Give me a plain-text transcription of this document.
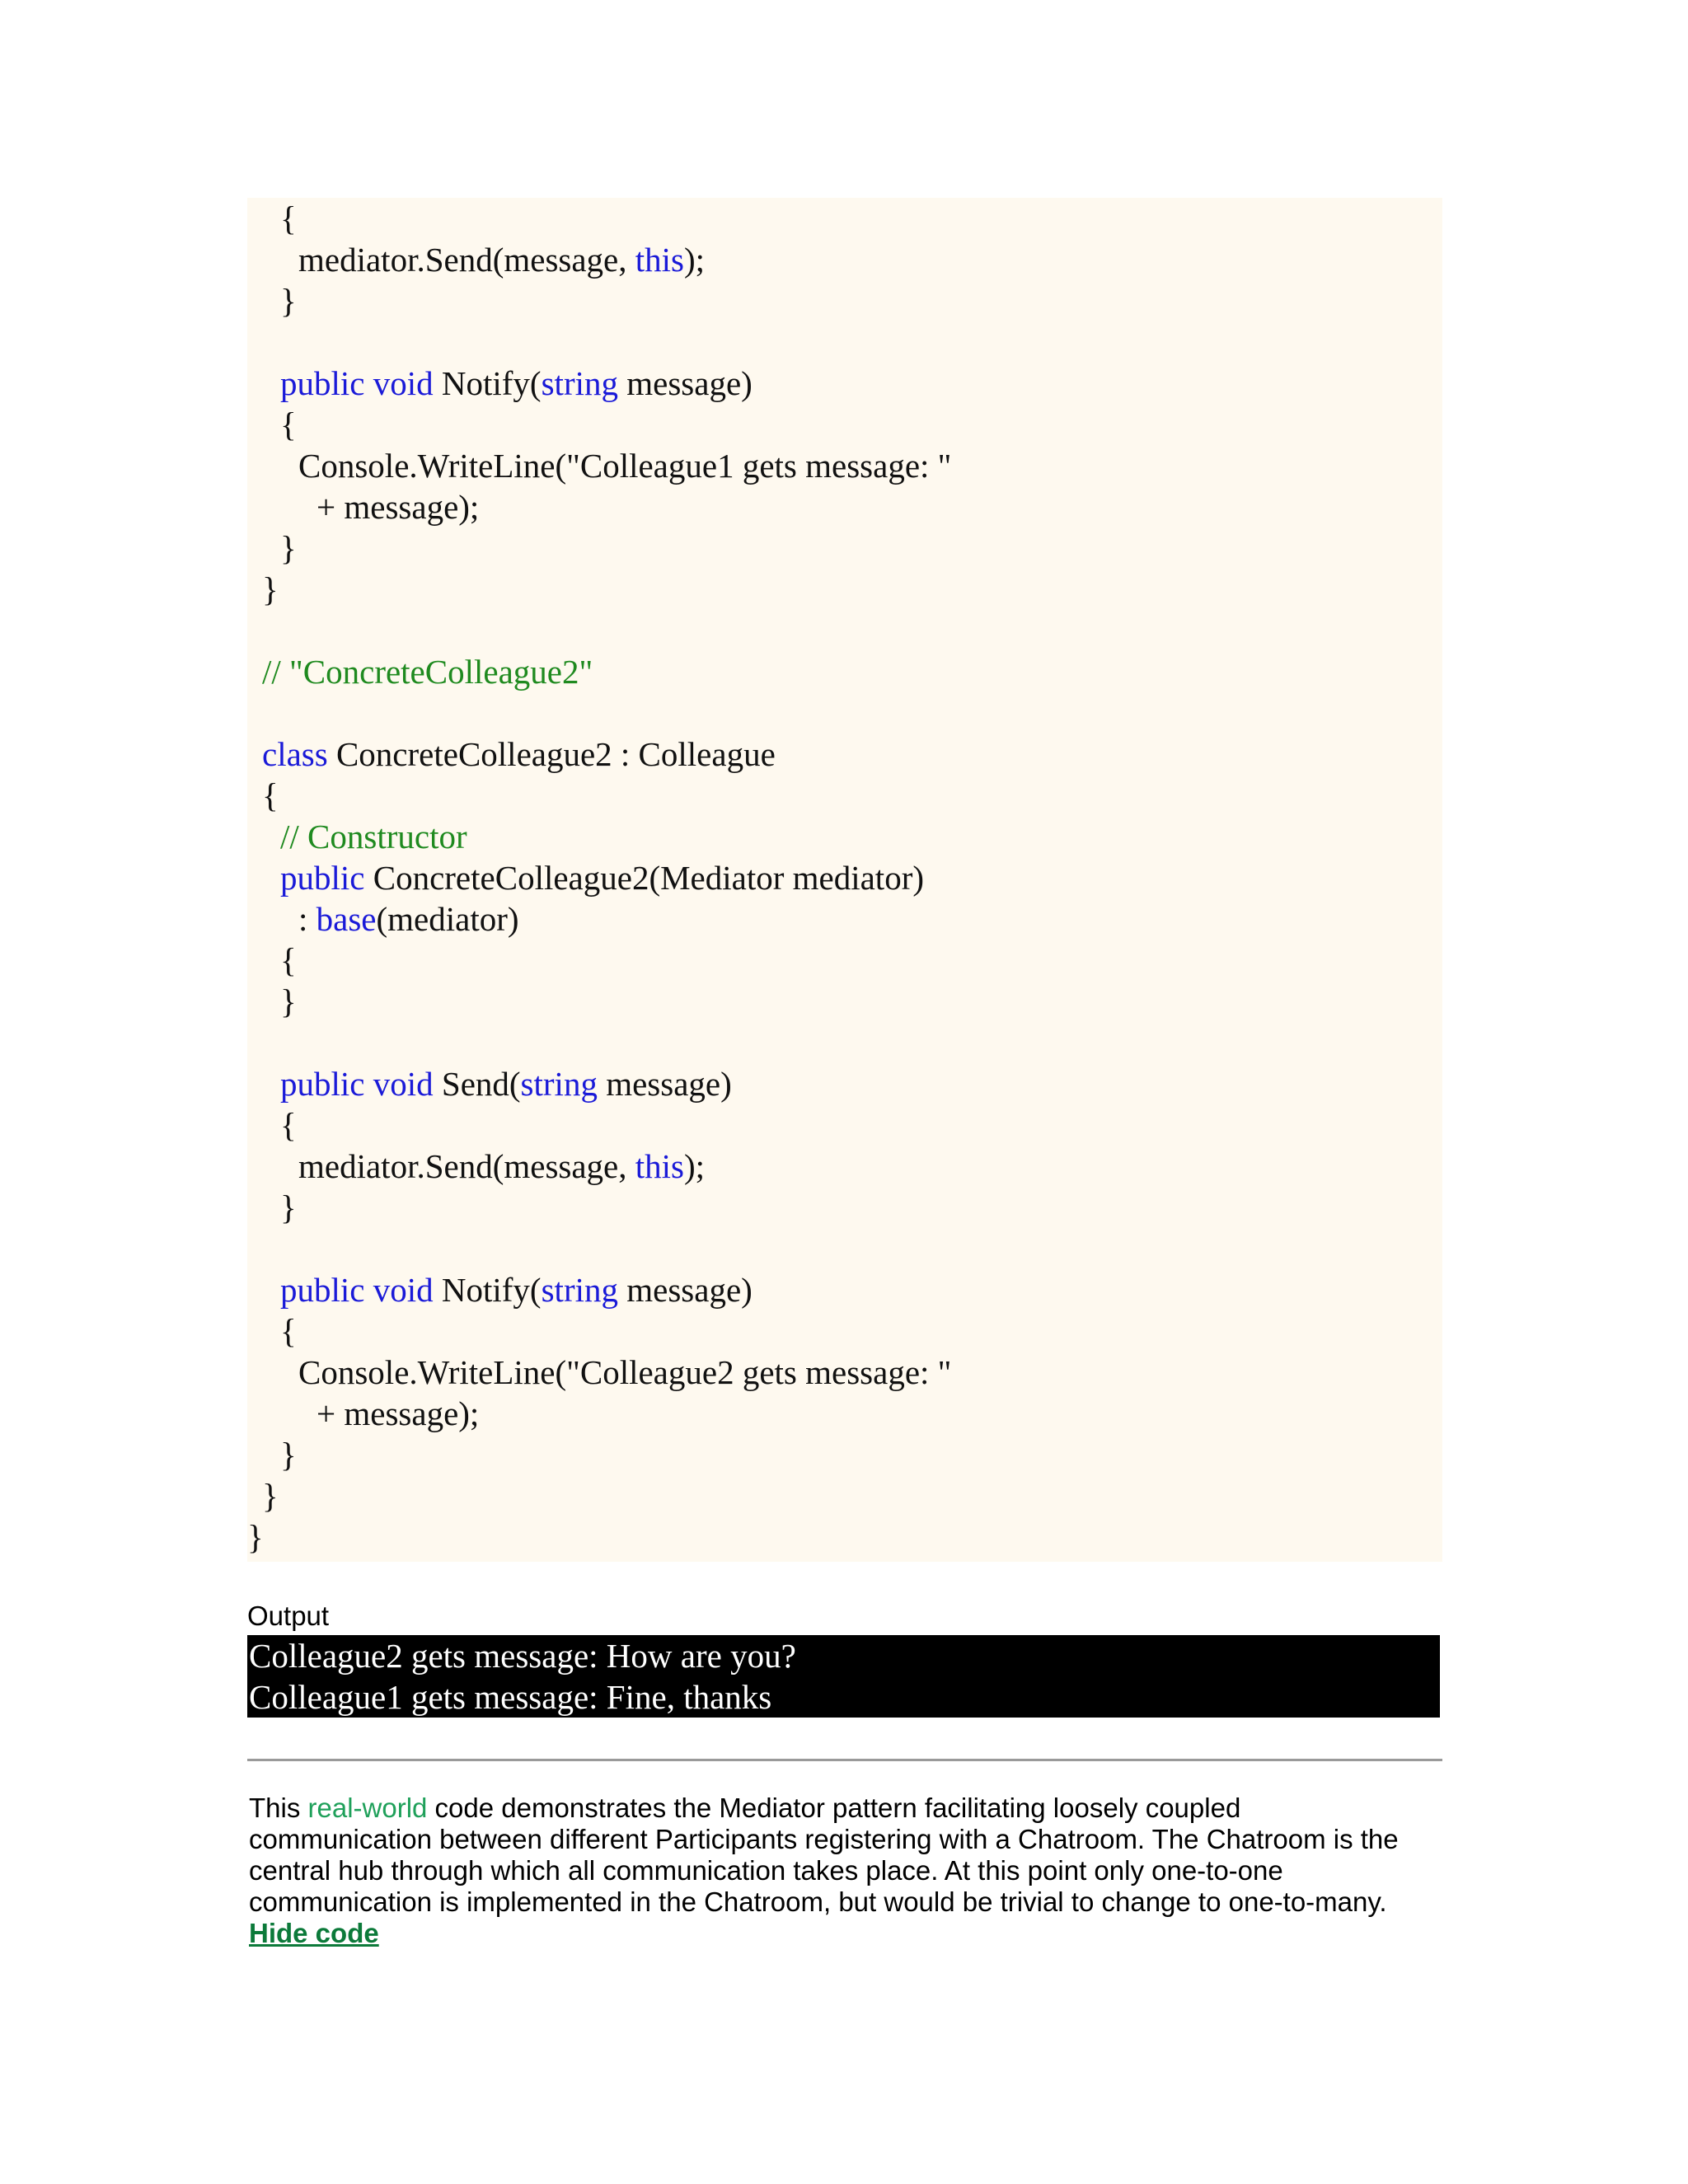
{
mediator.Send(message, this);
}
public void Notify(string message)
{
Console.WriteLine("Colleague1 gets message: "
+ message);
}
}
// "ConcreteColleague2"
class ConcreteColleague2 : Colleague
{
// Constructor
public ConcreteColleague2(Mediator mediator)
: base(mediator)
{
}
public void Send(string message)
{
mediator.Send(message, this);
}
public void Notify(string message)
{
Console.WriteLine("Colleague2 gets message: "
+ message);
}
}
}
Output
Colleague2 gets message: How are you?
Colleague1 gets message: Fine, thanks
This real-world code demonstrates the Mediator pattern facilitating loosely coupled
communication between different Participants registering with a Chatroom. The Chatroom is the
central hub through which all communication takes place. At this point only one-to-one
communication is implemented in the Chatroom, but would be trivial to change to one-to-many.
Hide code
